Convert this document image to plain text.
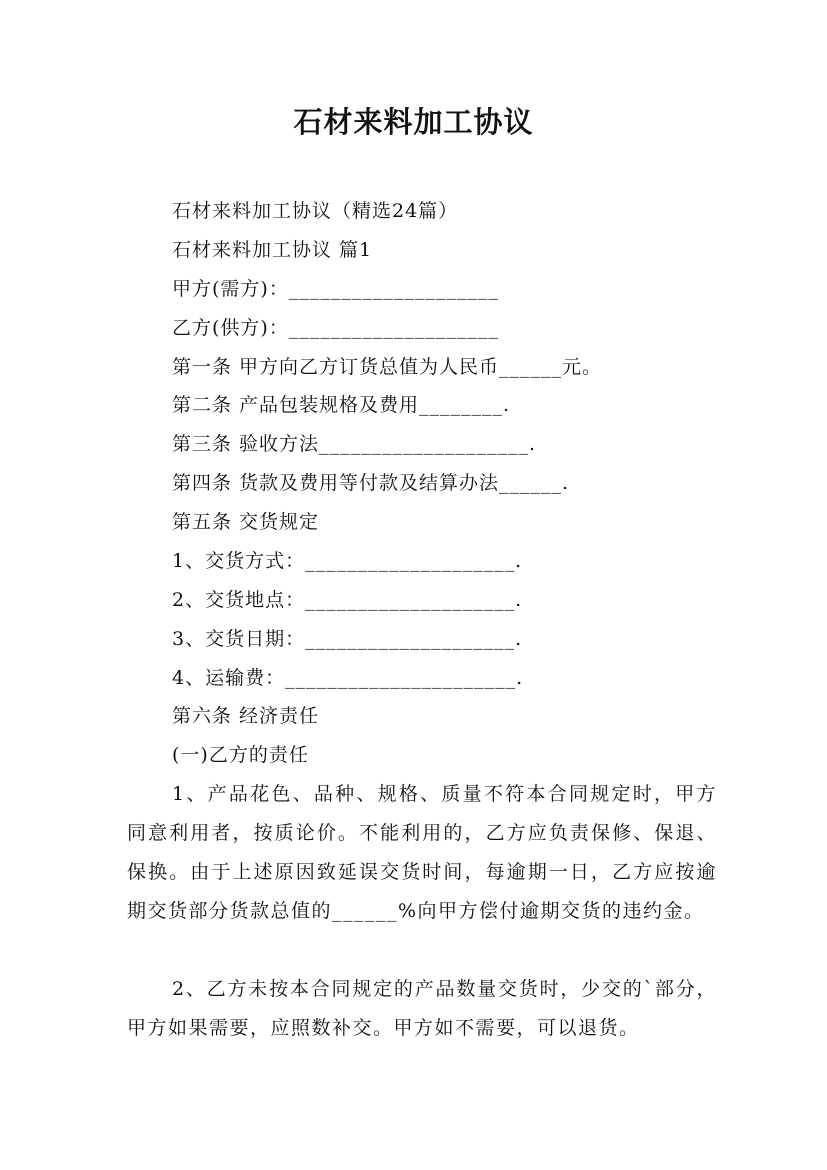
石材来料加工协议
石材来料加工协议（精选24篇）
石材来料加工协议 篇1
甲方(需方)：____________________
乙方(供方)：____________________
第一条 甲方向乙方订货总值为人民币______元。
第二条 产品包装规格及费用________.
第三条 验收方法____________________.
第四条 货款及费用等付款及结算办法______.
第五条 交货规定
1、交货方式：____________________.
2、交货地点：____________________.
3、交货日期：____________________.
4、运输费：______________________.
第六条 经济责任
(一)乙方的责任
1、产品花色、品种、规格、质量不符本合同规定时，甲方同意利用者，按质论价。不能利用的，乙方应负责保修、保退、保换。由于上述原因致延误交货时间，每逾期一日，乙方应按逾期交货部分货款总值的______%向甲方偿付逾期交货的违约金。
2、乙方未按本合同规定的产品数量交货时，少交的`部分，甲方如果需要，应照数补交。甲方如不需要，可以退货。
